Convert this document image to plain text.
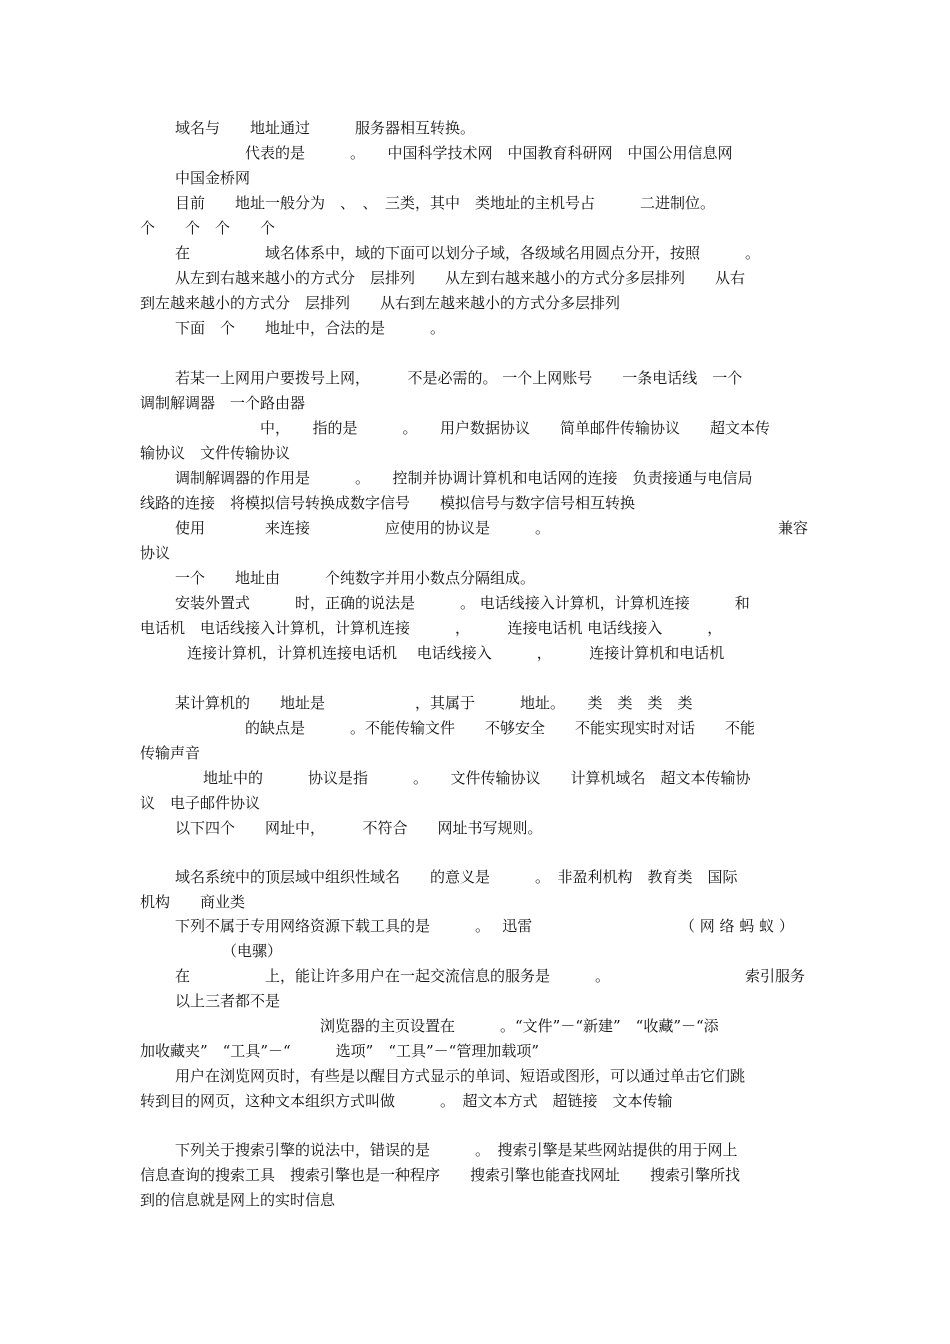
域名与　　地址通过　　　服务器相互转换。

代表的是　　　。　　中国科学技术网　中国教育科研网　中国公用信息网

中国金桥网

目前　　地址一般分为　、　、　三类，其中　类地址的主机号占　　　二进制位。

个　　个　个　　个

在　　　　　域名体系中，域的下面可以划分子域，各级域名用圆点分开，按照　　　。

从左到右越来越小的方式分　层排列　　从左到右越来越小的方式分多层排列　　从右

到左越来越小的方式分　层排列　　从右到左越来越小的方式分多层排列

下面　个　　地址中，合法的是　　　。

若某一上网用户要拨号上网，　　　不是必需的。 一个上网账号　　一条电话线　一个

调制解调器　一个路由器

中，　　指的是　　　。　　用户数据协议　　简单邮件传输协议　　超文本传

输协议　文件传输协议

调制解调器的作用是　　　。　　控制并协调计算机和电话网的连接　负责接通与电信局

线路的连接　将模拟信号转换成数字信号　　模拟信号与数字信号相互转换

使用　　　　来连接　　　　　应使用的协议是　　　。	兼容

协议

一个　　地址由　　　个纯数字并用小数点分隔组成。

安装外置式　　　时，正确的说法是　　　。 电话线接入计算机，计算机连接　　　和

电话机　电话线接入计算机，计算机连接　　　，　　　连接电话机 电话线接入　　　，

连接计算机，计算机连接电话机　 电话线接入　　　，　　　连接计算机和电话机

某计算机的　　地址是　　　　　　，其属于　　　地址。　　类　类　类　类

的缺点是　　　。不能传输文件　　不够安全　　不能实现实时对话　　不能

传输声音

地址中的　　　协议是指　　　。　　文件传输协议　　计算机域名　超文本传输协

议　电子邮件协议

以下四个　　网址中，　　　不符合　　网址书写规则。

域名系统中的顶层域中组织性域名　　的意义是　　　。　非盈利机构　教育类　国际

机构　　商业类

下列不属于专用网络资源下载工具的是　　　。　 迅雷	（ 网 络 蚂 蚁 ）

（电骡）

在　　　　　上，能让许多用户在一起交流信息的服务是　　　。	索引服务

以上三者都不是

浏览器的主页设置在　　　。“文件”－“新建”　“收藏”－“添

加收藏夹”　“工具”－“　　　选项”　“工具”－“管理加载项”

用户在浏览网页时，有些是以醒目方式显示的单词、短语或图形，可以通过单击它们跳

转到目的网页，这种文本组织方式叫做　　　。　超文本方式　超链接　文本传输

下列关于搜索引擎的说法中，错误的是　　　。　搜索引擎是某些网站提供的用于网上

信息查询的搜索工具　搜索引擎也是一种程序　　搜索引擎也能查找网址　　搜索引擎所找

到的信息就是网上的实时信息
